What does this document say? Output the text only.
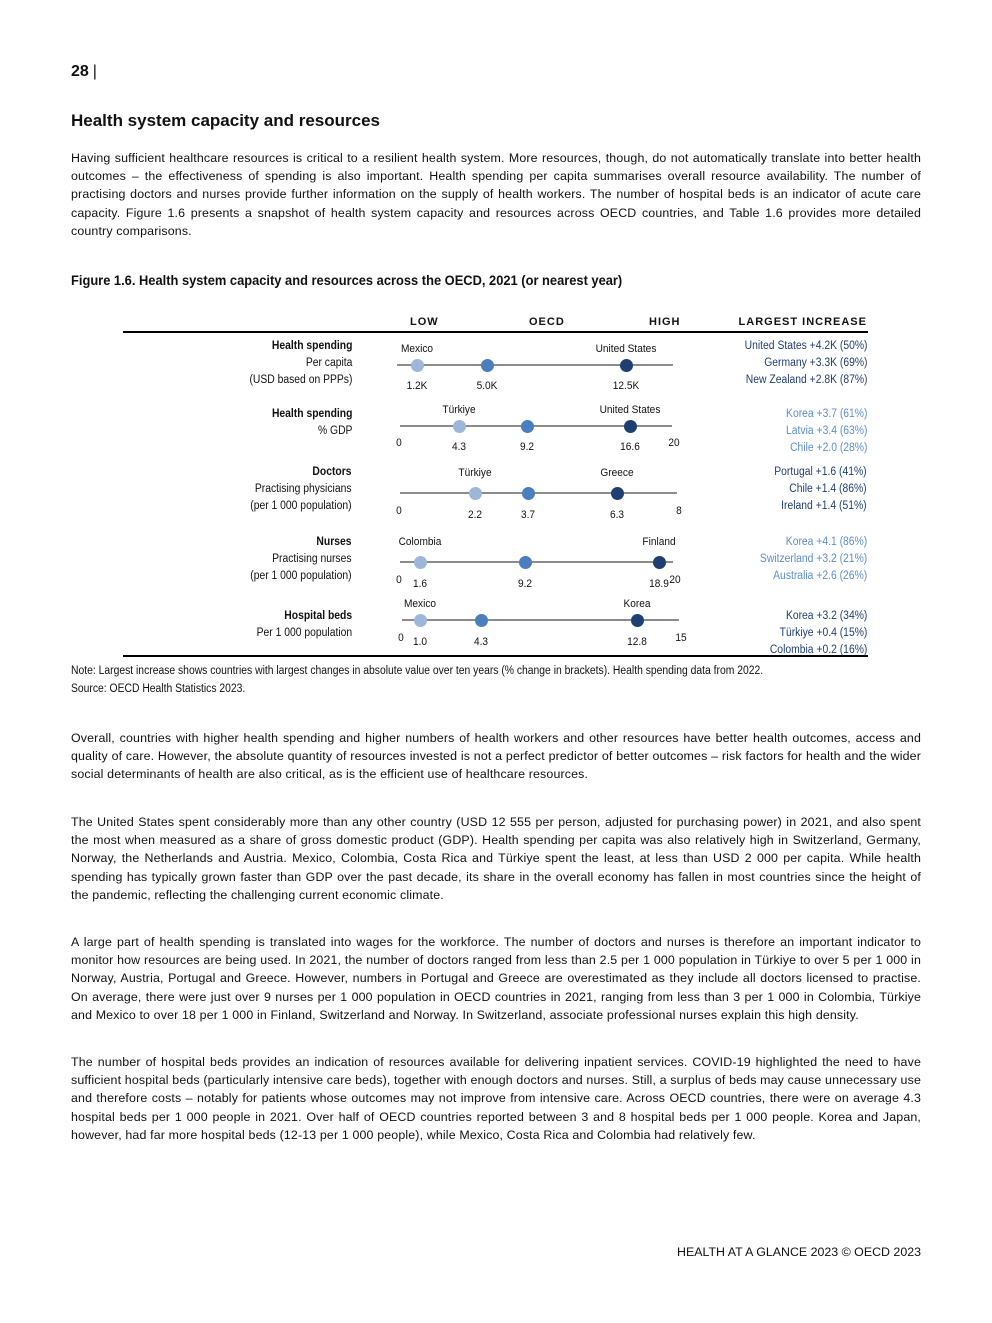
28 |
Health system capacity and resources

Having sufficient healthcare resources is critical to a resilient health system. More resources, though, do not automatically translate into better health outcomes – the effectiveness of spending is also important. Health spending per capita summarises overall resource availability. The number of practising doctors and nurses provide further information on the supply of health workers. The number of hospital beds is an indicator of acute care capacity. Figure 1.6 presents a snapshot of health system capacity and resources across OECD countries, and Table 1.6 provides more detailed country comparisons.

Figure 1.6. Health system capacity and resources across the OECD, 2021 (or nearest year)
LOW	OECD	HIGH	LARGEST INCREASE
Health spending
Per capita
(USD based on PPPs)	1.2K	5.0K	12.5K
Mexico	United States	United States +4.2K (50%)
Germany +3.3K (69%)
New Zealand +2.8K (87%)
Health spending
% GDP
0	20
4.3	9.2	16.6
Türkiye	United States	Korea +3.7 (61%)
Latvia +3.4 (63%)
Chile +2.0 (28%)
Doctors
Practising physicians
(per 1 000 population)	0	8
2.2	3.7	6.3
Türkiye	Greece	Portugal +1.6 (41%)
Chile +1.4 (86%)
Ireland +1.4 (51%)
Nurses
Practising nurses
(per 1 000 population)	0	20
1.6	9.2	18.9
Colombia	Finland	Korea +4.1 (86%)
Switzerland +3.2 (21%)
Australia +2.6 (26%)
Hospital beds
Per 1 000 population	0	15
1.0	4.3	12.8
Mexico	Korea
Korea +3.2 (34%)
Türkiye +0.4 (15%)
Colombia +0.2 (16%)
Note: Largest increase shows countries with largest changes in absolute value over ten years (% change in brackets). Health spending data from 2022.
Source: OECD Health Statistics 2023.

Overall, countries with higher health spending and higher numbers of health workers and other resources have better health outcomes, access and quality of care. However, the absolute quantity of resources invested is not a perfect predictor of better outcomes – risk factors for health and the wider social determinants of health are also critical, as is the efficient use of healthcare resources.

The United States spent considerably more than any other country (USD 12 555 per person, adjusted for purchasing power) in 2021, and also spent the most when measured as a share of gross domestic product (GDP). Health spending per capita was also relatively high in Switzerland, Germany, Norway, the Netherlands and Austria. Mexico, Colombia, Costa Rica and Türkiye spent the least, at less than USD 2 000 per capita. While health spending has typically grown faster than GDP over the past decade, its share in the overall economy has fallen in most countries since the height of the pandemic, reflecting the challenging current economic climate.

A large part of health spending is translated into wages for the workforce. The number of doctors and nurses is therefore an important indicator to monitor how resources are being used. In 2021, the number of doctors ranged from less than 2.5 per 1 000 population in Türkiye to over 5 per 1 000 in Norway, Austria, Portugal and Greece. However, numbers in Portugal and Greece are overestimated as they include all doctors licensed to practise. On average, there were just over 9 nurses per 1 000 population in OECD countries in 2021, ranging from less than 3 per 1 000 in Colombia, Türkiye and Mexico to over 18 per 1 000 in Finland, Switzerland and Norway. In Switzerland, associate professional nurses explain this high density.

The number of hospital beds provides an indication of resources available for delivering inpatient services. COVID-19 highlighted the need to have sufficient hospital beds (particularly intensive care beds), together with enough doctors and nurses. Still, a surplus of beds may cause unnecessary use and therefore costs – notably for patients whose outcomes may not improve from intensive care. Across OECD countries, there were on average 4.3 hospital beds per 1 000 people in 2021. Over half of OECD countries reported between 3 and 8 hospital beds per 1 000 people. Korea and Japan, however, had far more hospital beds (12-13 per 1 000 people), while Mexico, Costa Rica and Colombia had relatively few.

HEALTH AT A GLANCE 2023 © OECD 2023
